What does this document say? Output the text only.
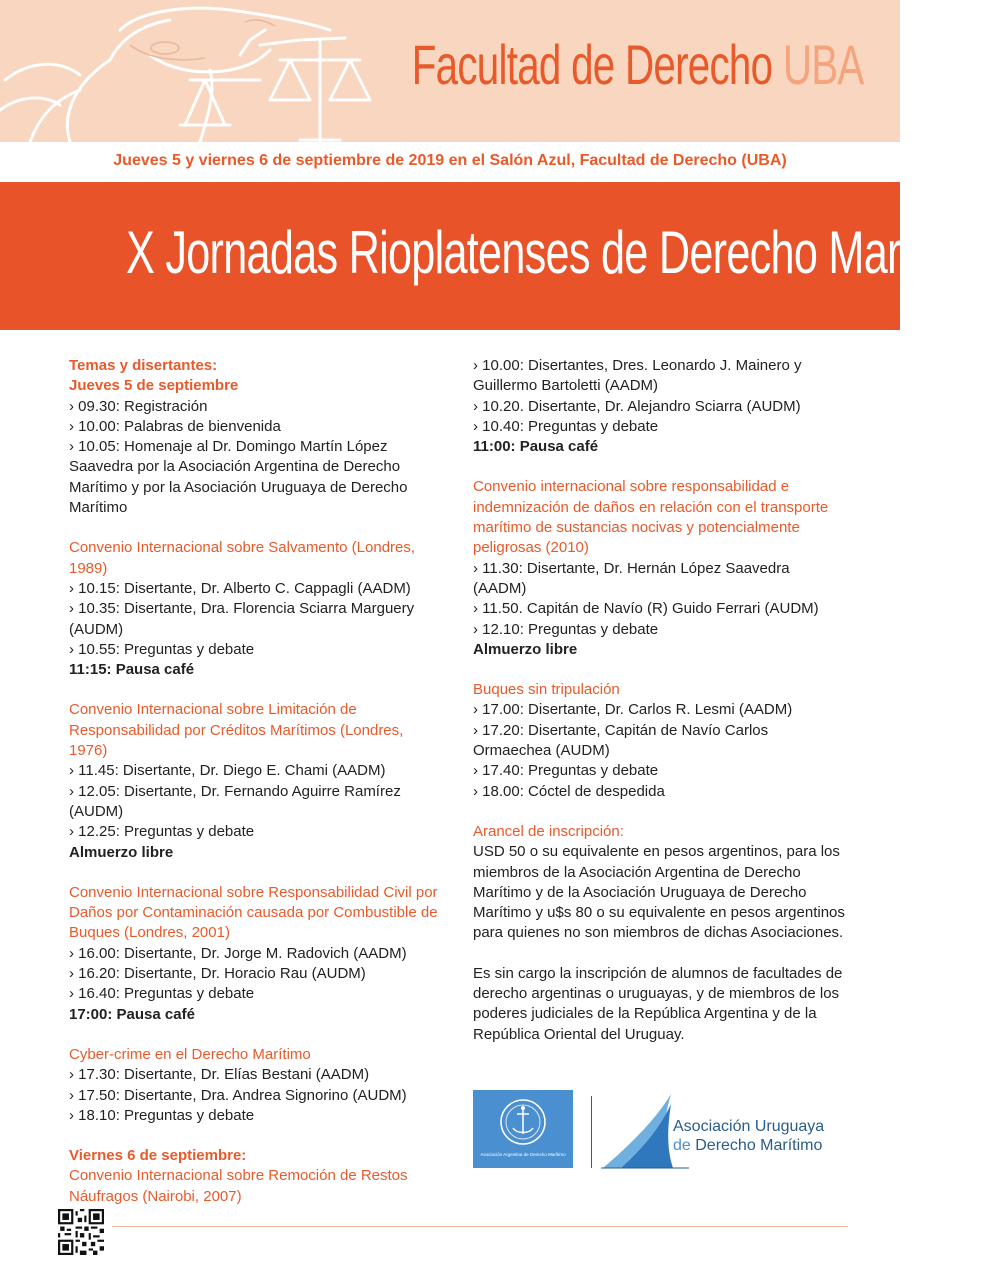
Facultad de Derecho UBA
Jueves 5 y viernes 6 de septiembre de 2019 en el Salón Azul, Facultad de Derecho (UBA)
X Jornadas Rioplatenses de Derecho Marítimo
Temas y disertantes:
Jueves 5 de septiembre
› 09.30: Registración
› 10.00: Palabras de bienvenida
› 10.05: Homenaje al Dr. Domingo Martín López Saavedra por la Asociación Argentina de Derecho Marítimo y por la Asociación Uruguaya de Derecho Marítimo
Convenio Internacional sobre Salvamento (Londres, 1989)
› 10.15: Disertante, Dr. Alberto C. Cappagli (AADM)
› 10.35: Disertante, Dra. Florencia Sciarra Marguery (AUDM)
› 10.55: Preguntas y debate
11:15: Pausa café
Convenio Internacional sobre Limitación de Responsabilidad por Créditos Marítimos (Londres, 1976)
› 11.45: Disertante, Dr. Diego E. Chami (AADM)
› 12.05: Disertante, Dr. Fernando Aguirre Ramírez (AUDM)
› 12.25: Preguntas y debate
Almuerzo libre
Convenio Internacional sobre Responsabilidad Civil por Daños por Contaminación causada por Combustible de Buques (Londres, 2001)
› 16.00: Disertante, Dr. Jorge M. Radovich (AADM)
› 16.20: Disertante, Dr. Horacio Rau (AUDM)
› 16.40: Preguntas y debate
17:00: Pausa café
Cyber-crime en el Derecho Marítimo
› 17.30: Disertante, Dr. Elías Bestani (AADM)
› 17.50: Disertante, Dra. Andrea Signorino (AUDM)
› 18.10: Preguntas y debate
Viernes 6 de septiembre:
Convenio Internacional sobre Remoción de Restos Náufragos (Nairobi, 2007)
› 10.00: Disertantes, Dres. Leonardo J. Mainero y Guillermo Bartoletti (AADM)
› 10.20. Disertante, Dr. Alejandro Sciarra (AUDM)
› 10.40: Preguntas y debate
11:00: Pausa café
Convenio internacional sobre responsabilidad e indemnización de daños en relación con el transporte marítimo de sustancias nocivas y potencialmente peligrosas (2010)
› 11.30: Disertante, Dr. Hernán López Saavedra (AADM)
› 11.50. Capitán de Navío (R) Guido Ferrari (AUDM)
› 12.10: Preguntas y debate
Almuerzo libre
Buques sin tripulación
› 17.00: Disertante, Dr. Carlos R. Lesmi (AADM)
› 17.20: Disertante, Capitán de Navío Carlos Ormaechea (AUDM)
› 17.40: Preguntas y debate
› 18.00: Cóctel de despedida
Arancel de inscripción:
USD 50 o su equivalente en pesos argentinos, para los miembros de la Asociación Argentina de Derecho Marítimo y de la Asociación Uruguaya de Derecho Marítimo y u$s 80 o su equivalente en pesos argentinos para quienes no son miembros de dichas Asociaciones.
Es sin cargo la inscripción de alumnos de facultades de derecho argentinas o uruguayas, y de miembros de los poderes judiciales de la República Argentina y de la República Oriental del Uruguay.
Asociación Argentina de Derecho Marítimo
Asociación Uruguaya
de Derecho Marítimo
